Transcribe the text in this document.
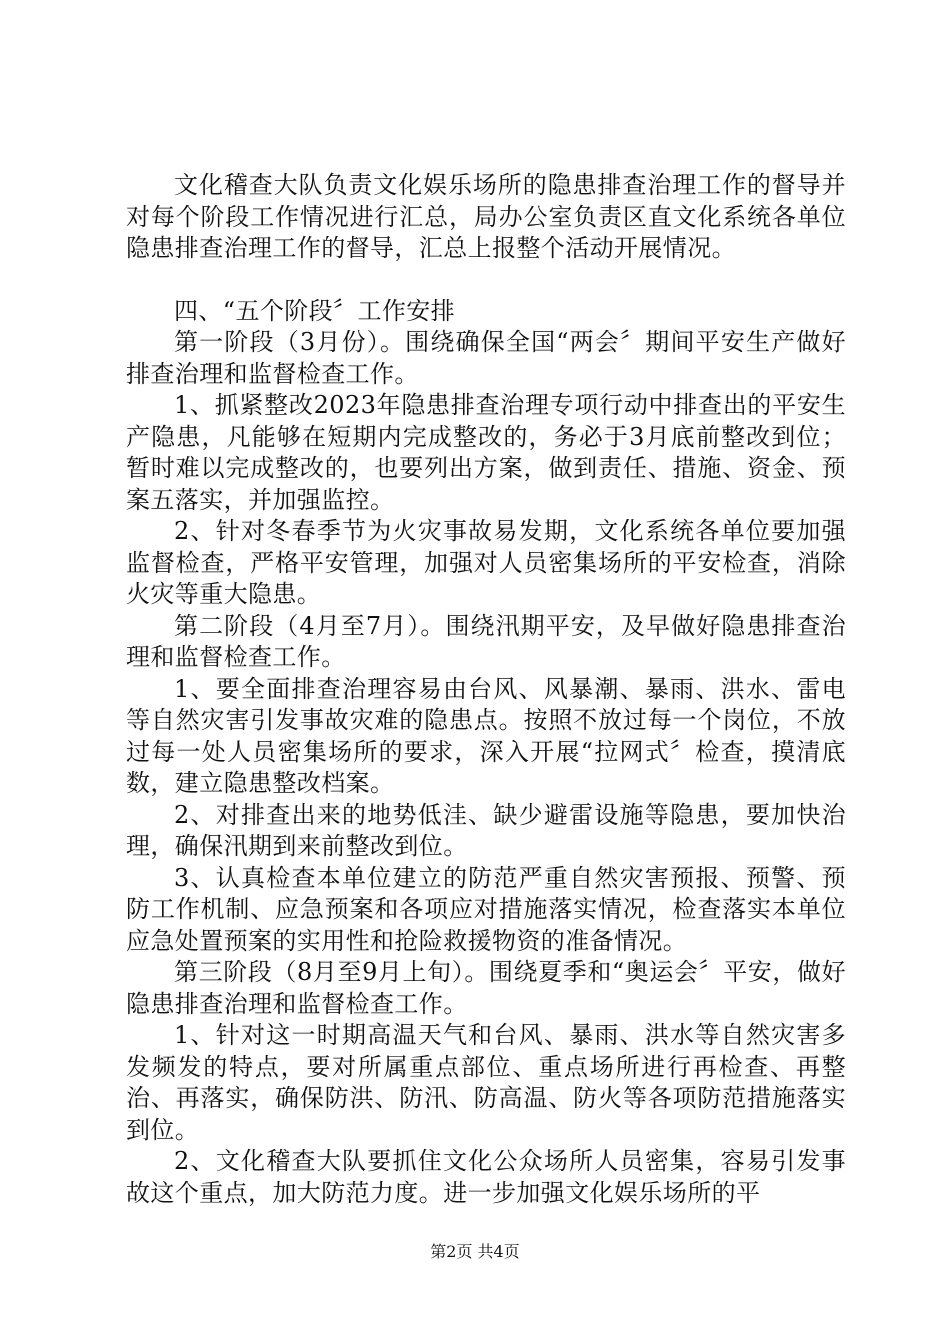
文化稽查大队负责文化娱乐场所的隐患排查治理工作的督导并对每个阶段工作情况进行汇总，局办公室负责区直文化系统各单位隐患排查治理工作的督导，汇总上报整个活动开展情况。

四、“五个阶段〞工作安排

第一阶段（3月份）。围绕确保全国“两会〞期间平安生产做好排查治理和监督检查工作。

1、抓紧整改2023年隐患排查治理专项行动中排查出的平安生产隐患，凡能够在短期内完成整改的，务必于3月底前整改到位；暂时难以完成整改的，也要列出方案，做到责任、措施、资金、预案五落实，并加强监控。

2、针对冬春季节为火灾事故易发期，文化系统各单位要加强监督检查，严格平安管理，加强对人员密集场所的平安检查，消除火灾等重大隐患。

第二阶段（4月至7月）。围绕汛期平安，及早做好隐患排查治理和监督检查工作。

1、要全面排查治理容易由台风、风暴潮、暴雨、洪水、雷电等自然灾害引发事故灾难的隐患点。按照不放过每一个岗位，不放过每一处人员密集场所的要求，深入开展“拉网式〞检查，摸清底数，建立隐患整改档案。

2、对排查出来的地势低洼、缺少避雷设施等隐患，要加快治理，确保汛期到来前整改到位。

3、认真检查本单位建立的防范严重自然灾害预报、预警、预防工作机制、应急预案和各项应对措施落实情况，检查落实本单位应急处置预案的实用性和抢险救援物资的准备情况。

第三阶段（8月至9月上旬）。围绕夏季和“奥运会〞平安，做好隐患排查治理和监督检查工作。

1、针对这一时期高温天气和台风、暴雨、洪水等自然灾害多发频发的特点，要对所属重点部位、重点场所进行再检查、再整治、再落实，确保防洪、防汛、防高温、防火等各项防范措施落实到位。

2、文化稽查大队要抓住文化公众场所人员密集，容易引发事故这个重点，加大防范力度。进一步加强文化娱乐场所的平

第2页 共4页
